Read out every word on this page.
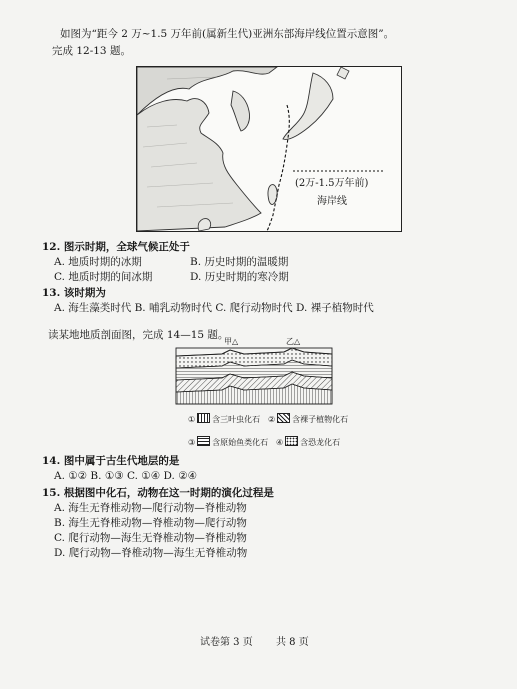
如图为“距今 2 万~1.5 万年前(属新生代)亚洲东部海岸线位置示意图”。
完成 12-13 题。
(2万-1.5万年前)
海岸线
12. 图示时期，全球气候正处于
A. 地质时期的冰期	B. 历史时期的温暖期
C. 地质时期的间冰期	D. 历史时期的寒冷期
13. 该时期为
A. 海生藻类时代 B. 哺乳动物时代 C. 爬行动物时代 D. 裸子植物时代
读某地地质剖面图，完成 14—15 题。
甲△	乙△
① 含三叶虫化石 ② 含裸子植物化石
③ 含原始鱼类化石 ④ 含恐龙化石
14. 图中属于古生代地层的是
A. ①② B. ①③ C. ①④ D. ②④
15. 根据图中化石，动物在这一时期的演化过程是
A. 海生无脊椎动物—爬行动物—脊椎动物
B. 海生无脊椎动物—脊椎动物—爬行动物
C. 爬行动物—海生无脊椎动物—脊椎动物
D. 爬行动物—脊椎动物—海生无脊椎动物
试卷第 3 页 共 8 页
